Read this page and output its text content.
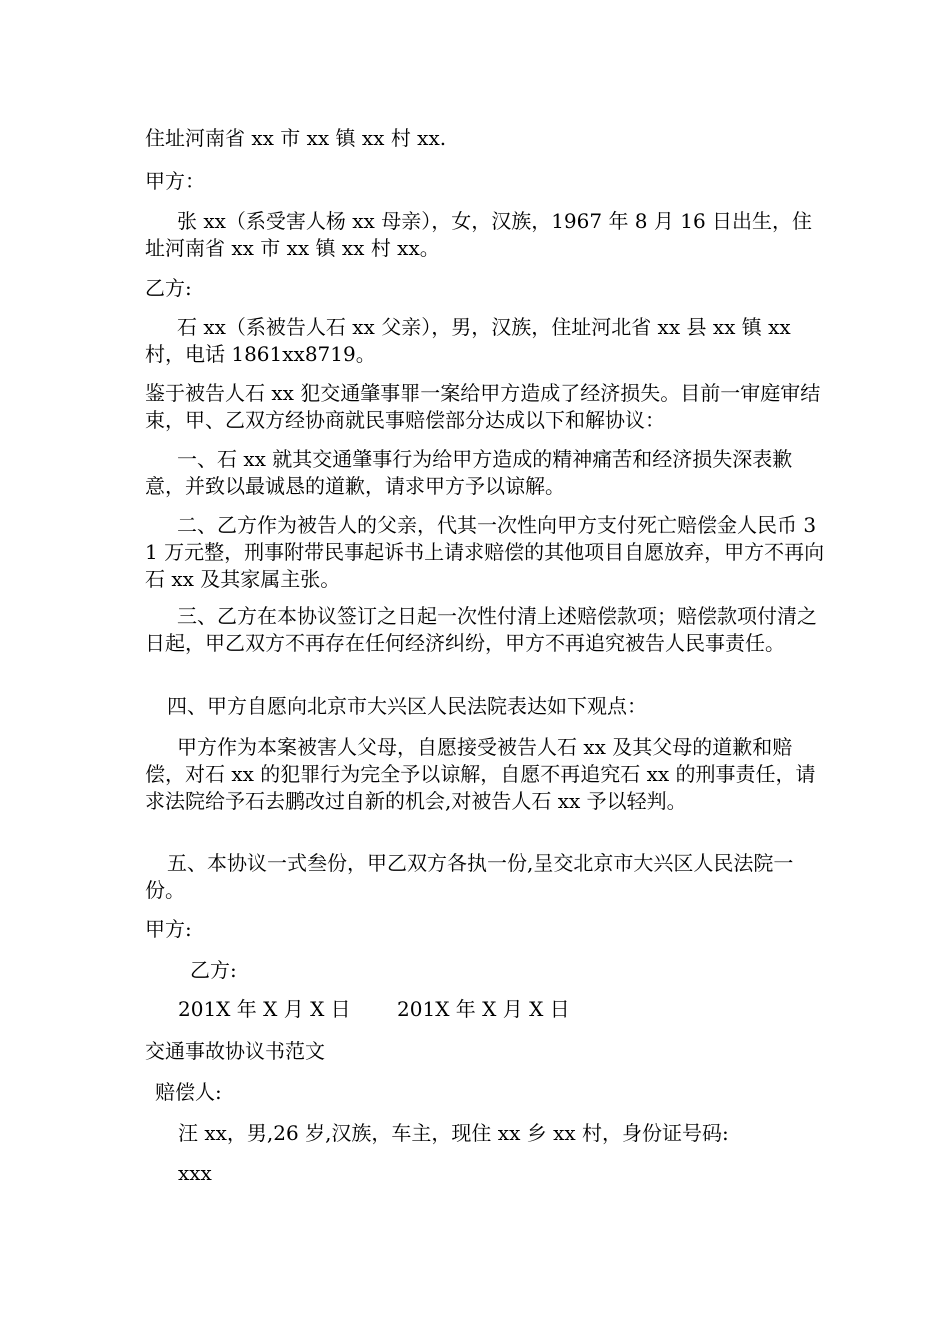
住址河南省 xx 市 xx 镇 xx 村 xx.

甲方：

张 xx（系受害人杨 xx 母亲），女，汉族，1967 年 8 月 16 日出生，住址河南省 xx 市 xx 镇 xx 村 xx。

乙方:

石 xx（系被告人石 xx 父亲），男，汉族，住址河北省 xx 县 xx 镇 xx 村，电话 1861xx8719。

鉴于被告人石 xx 犯交通肇事罪一案给甲方造成了经济损失。目前一审庭审结束，甲、乙双方经协商就民事赔偿部分达成以下和解协议：

一、石 xx 就其交通肇事行为给甲方造成的精神痛苦和经济损失深表歉意，并致以最诚恳的道歉，请求甲方予以谅解。

二、乙方作为被告人的父亲，代其一次性向甲方支付死亡赔偿金人民币 31 万元整，刑事附带民事起诉书上请求赔偿的其他项目自愿放弃，甲方不再向石 xx 及其家属主张。

三、乙方在本协议签订之日起一次性付清上述赔偿款项；赔偿款项付清之日起，甲乙双方不再存在任何经济纠纷，甲方不再追究被告人民事责任。

四、甲方自愿向北京市大兴区人民法院表达如下观点：

甲方作为本案被害人父母，自愿接受被告人石 xx 及其父母的道歉和赔偿，对石 xx 的犯罪行为完全予以谅解，自愿不再追究石 xx 的刑事责任，请求法院给予石去鹏改过自新的机会,对被告人石 xx 予以轻判。

五、本协议一式叁份，甲乙双方各执一份,呈交北京市大兴区人民法院一份。

甲方:

乙方:

201X 年 X 月 X 日　　 201X 年 X 月 X 日

交通事故协议书范文

赔偿人:

汪 xx，男,26 岁,汉族，车主，现住 xx 乡 xx 村，身份证号码:

xxx
